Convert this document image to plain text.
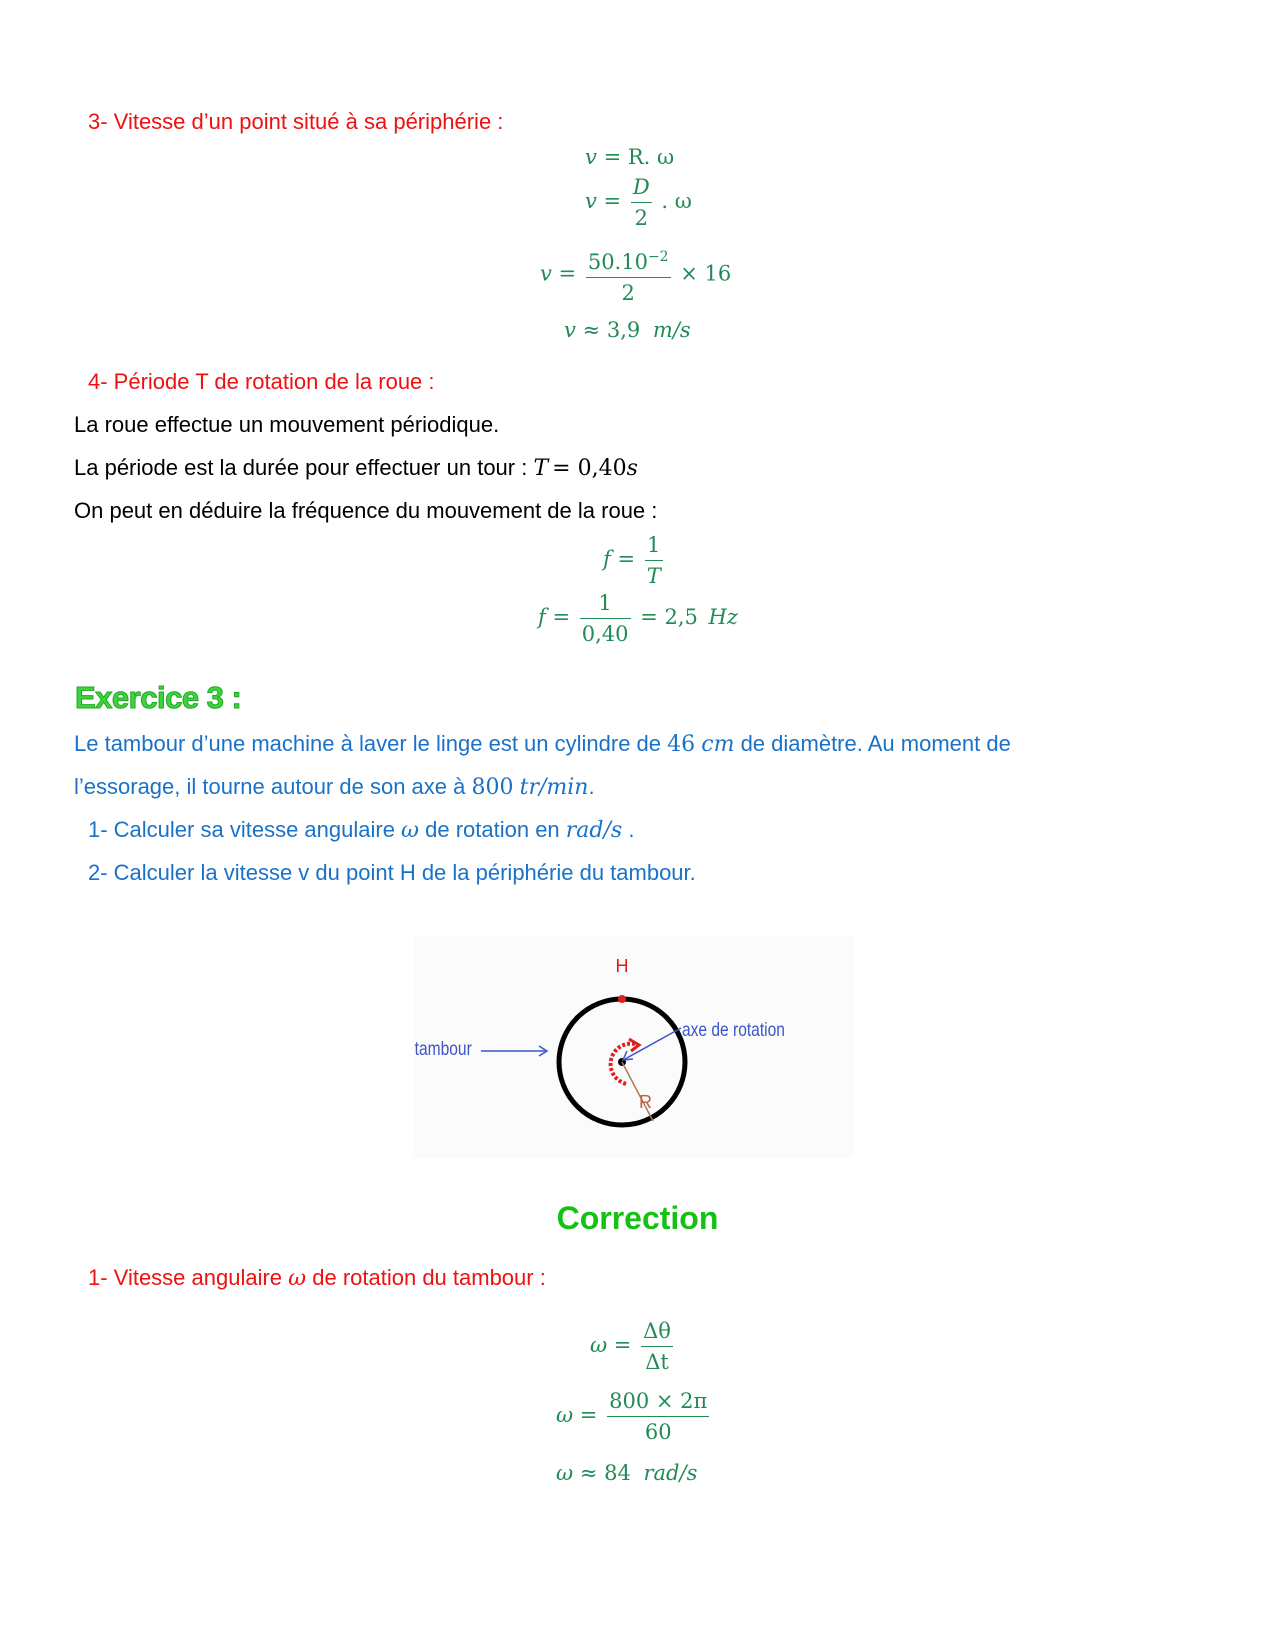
3- Vitesse d’un point situé à sa périphérie :
v = R. ω
$v = \frac{D}{2}$ . ω
$v = \frac{50.10^{-2}}{2} \times 16$
v ≈ 3,9 m/s
4- Période T de rotation de la roue :
La roue effectue un mouvement périodique.
La période est la durée pour effectuer un tour : T = 0,40s
On peut en déduire la fréquence du mouvement de la roue :
$f = \frac{1}{T}$
$f = \frac{1}{0,40} = 2,5$ Hz
Exercice 3 :
Le tambour d’une machine à laver le linge est un cylindre de 46 cm de diamètre. Au moment de
l’essorage, il tourne autour de son axe à 800 tr/min.
1- Calculer sa vitesse angulaire ω de rotation en rad/s .
2- Calculer la vitesse v du point H de la périphérie du tambour.
H
R
tambour
axe de rotation
Correction
1- Vitesse angulaire ω de rotation du tambour :
$\omega = \frac{\Delta\theta}{\Delta t}$
$\omega = \frac{800 \times 2\pi}{60}$
ω ≈ 84 rad/s
